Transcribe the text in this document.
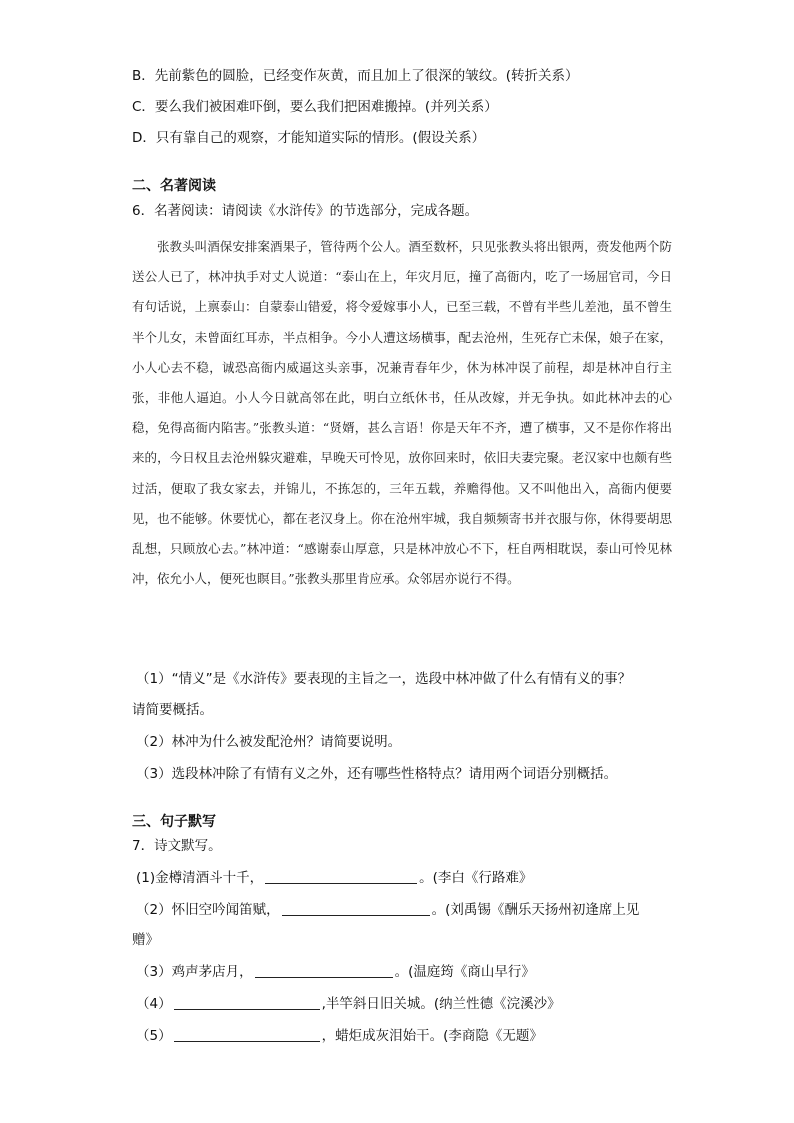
B．先前紫色的圆脸，已经变作灰黄，而且加上了很深的皱纹。(转折关系）
C．要么我们被困难吓倒，要么我们把困难搬掉。(并列关系）
D．只有靠自己的观察，才能知道实际的情形。(假设关系）
二、名著阅读
6．名著阅读：请阅读《水浒传》的节选部分，完成各题。
张教头叫酒保安排案酒果子，管待两个公人。酒至数杯，只见张教头将出银两，赍发他两个防送公人已了，林冲执手对丈人说道：“泰山在上，年灾月厄，撞了高衙内，吃了一场屈官司，今日有句话说，上禀泰山：自蒙泰山错爱，将令爱嫁事小人，已至三载，不曾有半些儿差池，虽不曾生半个儿女，未曾面红耳赤，半点相争。今小人遭这场横事，配去沧州，生死存亡未保，娘子在家，小人心去不稳，诚恐高衙内威逼这头亲事，况兼青春年少，休为林冲误了前程，却是林冲自行主张，非他人逼迫。小人今日就高邻在此，明白立纸休书，任从改嫁，并无争执。如此林冲去的心稳，免得高衙内陷害。”张教头道：“贤婿，甚么言语！你是天年不齐，遭了横事，又不是你作将出来的，今日权且去沧州躲灾避难，早晚天可怜见，放你回来时，依旧夫妻完聚。老汉家中也颇有些过活，便取了我女家去，并锦儿，不拣怎的，三年五载，养赡得他。又不叫他出入，高衙内便要见，也不能够。休要忧心，都在老汉身上。你在沧州牢城，我自频频寄书并衣服与你，休得要胡思乱想，只顾放心去。”林冲道：“感谢泰山厚意，只是林冲放心不下，枉自两相耽误，泰山可怜见林冲，依允小人，便死也瞑目。”张教头那里肯应承。众邻居亦说行不得。
（1）“情义”是《水浒传》要表现的主旨之一，选段中林冲做了什么有情有义的事？
请简要概括。
（2）林冲为什么被发配沧州？请简要说明。
（3）选段林冲除了有情有义之外，还有哪些性格特点？请用两个词语分别概括。
三、句子默写
7．诗文默写。
(1)金樽清酒斗十千，	。(李白《行路难》
（2）怀旧空吟闻笛赋，	。(刘禹锡《酬乐天扬州初逢席上见
赠》
（3）鸡声茅店月，	。(温庭筠《商山早行》
（4）	,半竿斜日旧关城。(纳兰性德《浣溪沙》
（5）	，蜡炬成灰泪始干。(李商隐《无题》
